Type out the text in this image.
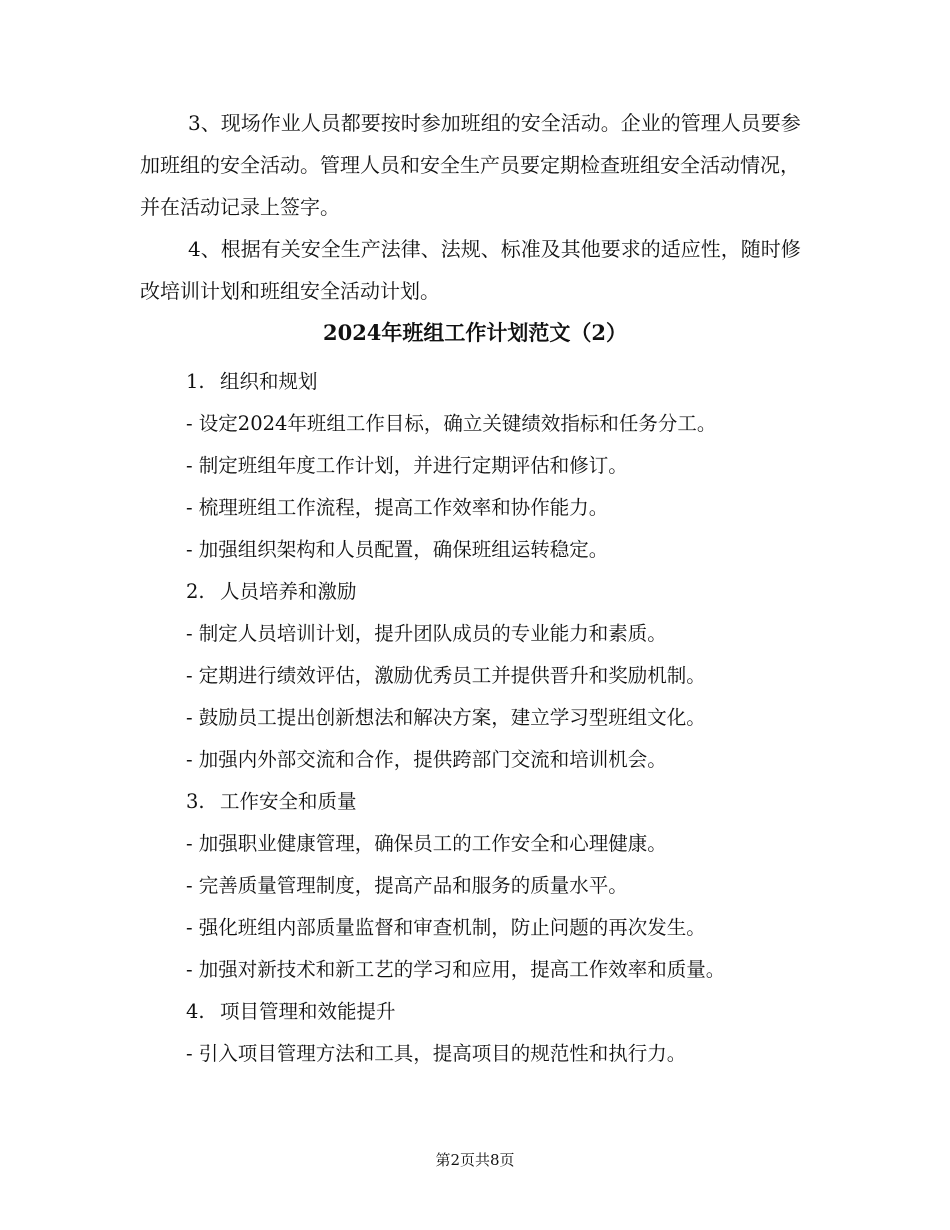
3、现场作业人员都要按时参加班组的安全活动。企业的管理人员要参加班组的安全活动。管理人员和安全生产员要定期检查班组安全活动情况，并在活动记录上签字。

4、根据有关安全生产法律、法规、标准及其他要求的适应性，随时修改培训计划和班组安全活动计划。

2024年班组工作计划范文（2）
1. 组织和规划
- 设定2024年班组工作目标，确立关键绩效指标和任务分工。
- 制定班组年度工作计划，并进行定期评估和修订。
- 梳理班组工作流程，提高工作效率和协作能力。
- 加强组织架构和人员配置，确保班组运转稳定。
2. 人员培养和激励
- 制定人员培训计划，提升团队成员的专业能力和素质。
- 定期进行绩效评估，激励优秀员工并提供晋升和奖励机制。
- 鼓励员工提出创新想法和解决方案，建立学习型班组文化。
- 加强内外部交流和合作，提供跨部门交流和培训机会。
3. 工作安全和质量
- 加强职业健康管理，确保员工的工作安全和心理健康。
- 完善质量管理制度，提高产品和服务的质量水平。
- 强化班组内部质量监督和审查机制，防止问题的再次发生。
- 加强对新技术和新工艺的学习和应用，提高工作效率和质量。
4. 项目管理和效能提升
- 引入项目管理方法和工具，提高项目的规范性和执行力。
第2页共8页
